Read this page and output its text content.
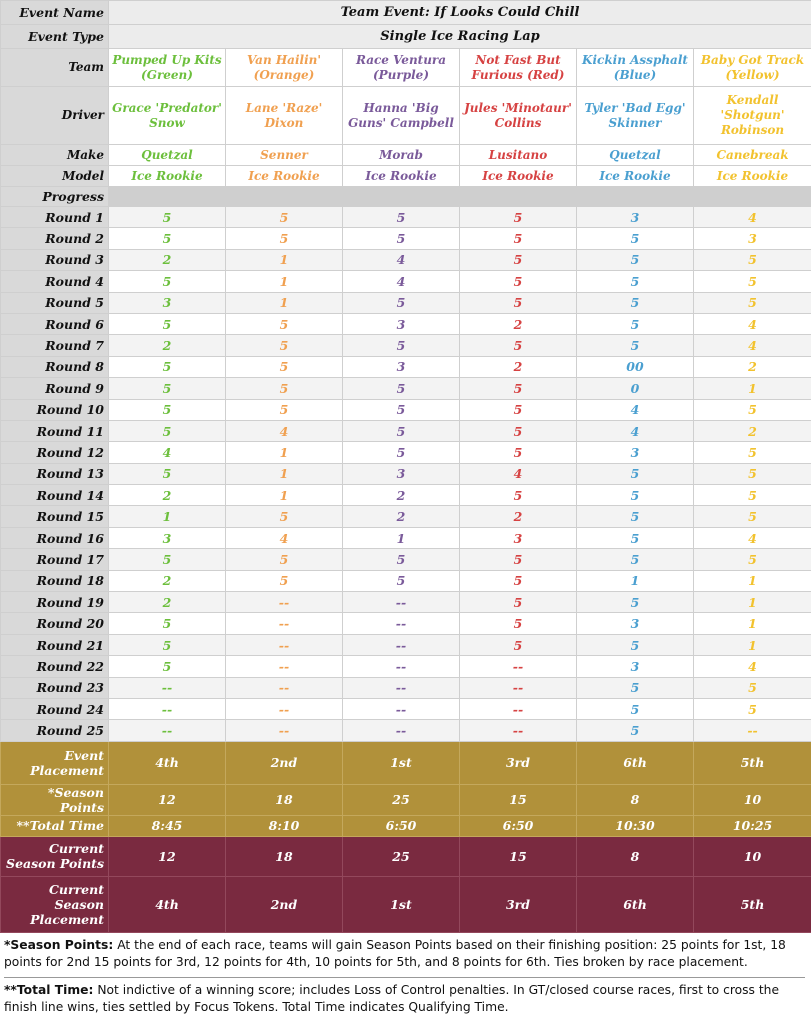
Event Name	Team Event: If Looks Could Chill					
Event Type	Single Ice Racing Lap					
Team	Pumped Up Kits (Green)	Van Hailin' (Orange)	Race Ventura (Purple)	Not Fast But Furious (Red)	Kickin Assphalt (Blue)	Baby Got Track (Yellow)
Driver	Grace 'Predator' Snow	Lane 'Raze' Dixon	Hanna 'Big Guns' Campbell	Jules 'Minotaur' Collins	Tyler 'Bad Egg' Skinner	Kendall 'Shotgun' Robinson
Make	Quetzal	Senner	Morab	Lusitano	Quetzal	Canebreak
Model	Ice Rookie	Ice Rookie	Ice Rookie	Ice Rookie	Ice Rookie	Ice Rookie
Progress						
Round 1	5	5	5	5	3	4
Round 2	5	5	5	5	5	3
Round 3	2	1	4	5	5	5
Round 4	5	1	4	5	5	5
Round 5	3	1	5	5	5	5
Round 6	5	5	3	2	5	4
Round 7	2	5	5	5	5	4
Round 8	5	5	3	2	00	2
Round 9	5	5	5	5	0	1
Round 10	5	5	5	5	4	5
Round 11	5	4	5	5	4	2
Round 12	4	1	5	5	3	5
Round 13	5	1	3	4	5	5
Round 14	2	1	2	5	5	5
Round 15	1	5	2	2	5	5
Round 16	3	4	1	3	5	4
Round 17	5	5	5	5	5	5
Round 18	2	5	5	5	1	1
Round 19	2	--	--	5	5	1
Round 20	5	--	--	5	3	1
Round 21	5	--	--	5	5	1
Round 22	5	--	--	--	3	4
Round 23	--	--	--	--	5	5
Round 24	--	--	--	--	5	5
Round 25	--	--	--	--	5	--
Event Placement	4th	2nd	1st	3rd	6th	5th
*Season Points	12	18	25	15	8	10
**Total Time	8:45	8:10	6:50	6:50	10:30	10:25
Current Season Points	12	18	25	15	8	10
Current Season Placement	4th	2nd	1st	3rd	6th	5th

*Season Points: At the end of each race, teams will gain Season Points based on their finishing position: 25 points for 1st, 18 points for 2nd 15 points for 3rd, 12 points for 4th, 10 points for 5th, and 8 points for 6th. Ties broken by race placement.

**Total Time: Not indictive of a winning score; includes Loss of Control penalties. In GT/closed course races, first to cross the finish line wins, ties settled by Focus Tokens. Total Time indicates Qualifying Time.
